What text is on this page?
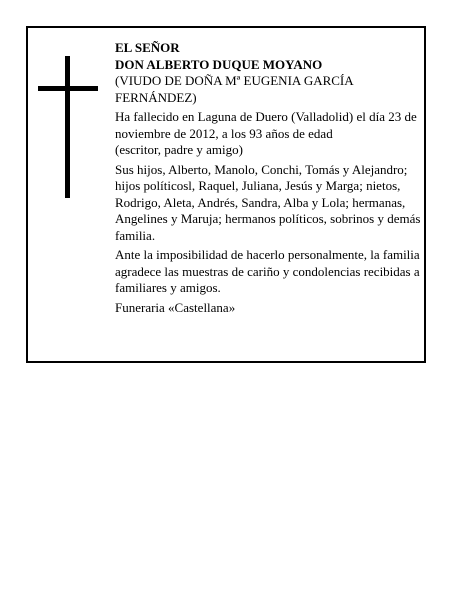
EL SEÑOR
DON ALBERTO DUQUE MOYANO

(VIUDO DE DOÑA Mª EUGENIA GARCÍA FERNÁNDEZ)

Ha fallecido en Laguna de Duero (Valladolid) el día 23 de noviembre de 2012, a los 93 años de edad

(escritor, padre y amigo)

Sus hijos, Alberto, Manolo, Conchi, Tomás y Alejandro; hijos políticosl, Raquel, Juliana, Jesús y Marga; nietos, Rodrigo, Aleta, Andrés, Sandra, Alba y Lola; hermanas, Angelines y Maruja; hermanos políticos, sobrinos y demás familia.

Ante la imposibilidad de hacerlo personalmente, la familia agradece las muestras de cariño y condolencias recibidas a familiares y amigos.

Funeraria «Castellana»
